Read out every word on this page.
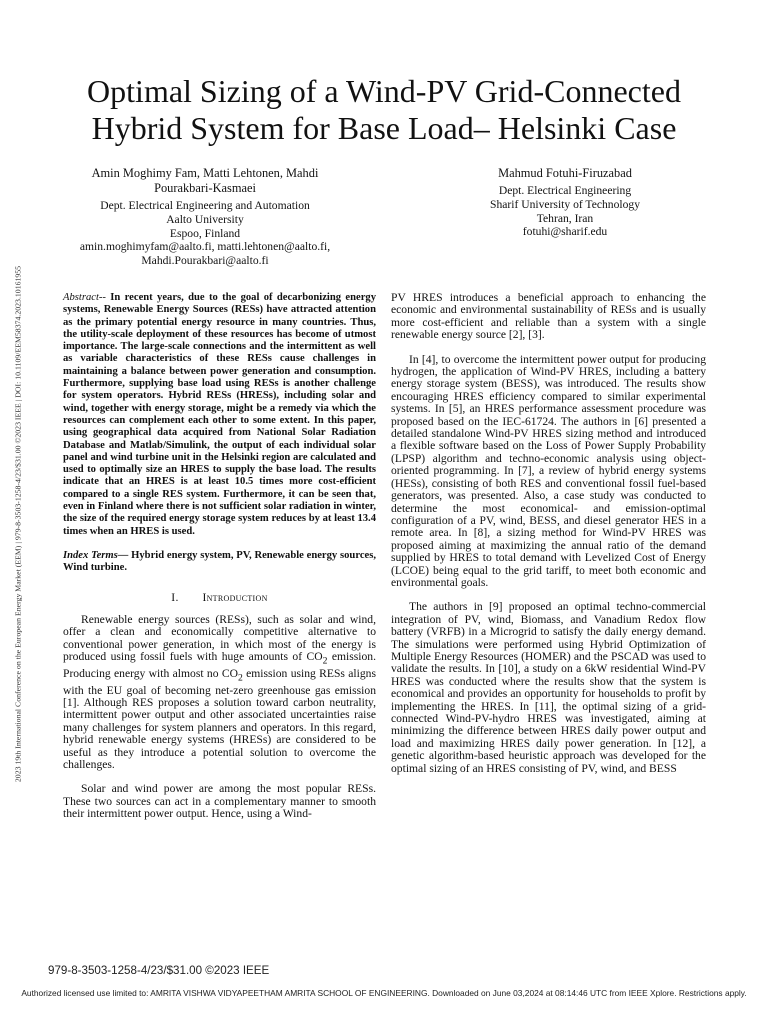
2023 19th International Conference on the European Energy Market (EEM) | 979-8-3503-1258-4/23/$31.00 ©2023 IEEE | DOI: 10.1109/EEM58374.2023.10161955
Optimal Sizing of a Wind-PV Grid-Connected
Hybrid System for Base Load– Helsinki Case
Amin Moghimy Fam, Matti Lehtonen, Mahdi
Pourakbari-Kasmaei
Dept. Electrical Engineering and Automation
Aalto University
Espoo, Finland
amin.moghimyfam@aalto.fi, matti.lehtonen@aalto.fi,
Mahdi.Pourakbari@aalto.fi
Mahmud Fotuhi-Firuzabad
Dept. Electrical Engineering
Sharif University of Technology
Tehran, Iran
fotuhi@sharif.edu

Abstract-- In recent years, due to the goal of decarbonizing energy systems, Renewable Energy Sources (RESs) have attracted attention as the primary potential energy resource in many countries. Thus, the utility-scale deployment of these resources has become of utmost importance. The large-scale connections and the intermittent as well as variable characteristics of these RESs cause challenges in maintaining a balance between power generation and consumption. Furthermore, supplying base load using RESs is another challenge for system operators. Hybrid RESs (HRESs), including solar and wind, together with energy storage, might be a remedy via which the resources can complement each other to some extent. In this paper, using geographical data acquired from National Solar Radiation Database and Matlab/Simulink, the output of each individual solar panel and wind turbine unit in the Helsinki region are calculated and used to optimally size an HRES to supply the base load. The results indicate that an HRES is at least 10.5 times more cost-efficient compared to a single RES system. Furthermore, it can be seen that, even in Finland where there is not sufficient solar radiation in winter, the size of the required energy storage system reduces by at least 13.4 times when an HRES is used.

Index Terms— Hybrid energy system, PV, Renewable energy sources, Wind turbine.

I.  Introduction

Renewable energy sources (RESs), such as solar and wind, offer a clean and economically competitive alternative to conventional power generation, in which most of the energy is produced using fossil fuels with huge amounts of $CO_2$ emission. Producing energy with almost no $CO_2$ emission using RESs aligns with the EU goal of becoming net-zero greenhouse gas emission [1]. Although RES proposes a solution toward carbon neutrality, intermittent power output and other associated uncertainties raise many challenges for system planners and operators. In this regard, hybrid renewable energy systems (HRESs) are considered to be useful as they introduce a potential solution to overcome the challenges.

Solar and wind power are among the most popular RESs. These two sources can act in a complementary manner to smooth their intermittent power output. Hence, using a Wind-

PV HRES introduces a beneficial approach to enhancing the economic and environmental sustainability of RESs and is usually more cost-efficient and reliable than a system with a single renewable energy source [2], [3].

In [4], to overcome the intermittent power output for producing hydrogen, the application of Wind-PV HRES, including a battery energy storage system (BESS), was introduced. The results show encouraging HRES efficiency compared to similar experimental systems. In [5], an HRES performance assessment procedure was proposed based on the IEC-61724. The authors in [6] presented a detailed standalone Wind-PV HRES sizing method and introduced a flexible software based on the Loss of Power Supply Probability (LPSP) algorithm and techno-economic analysis using object-oriented programming. In [7], a review of hybrid energy systems (HESs), consisting of both RES and conventional fossil fuel-based generators, was presented. Also, a case study was conducted to determine the most economical- and emission-optimal configuration of a PV, wind, BESS, and diesel generator HES in a remote area. In [8], a sizing method for Wind-PV HRES was proposed aiming at maximizing the annual ratio of the demand supplied by HRES to total demand with Levelized Cost of Energy (LCOE) being equal to the grid tariff, to meet both economic and environmental goals.

The authors in [9] proposed an optimal techno-commercial integration of PV, wind, Biomass, and Vanadium Redox flow battery (VRFB) in a Microgrid to satisfy the daily energy demand. The simulations were performed using Hybrid Optimization of Multiple Energy Resources (HOMER) and the PSCAD was used to validate the results. In [10], a study on a 6kW residential Wind-PV HRES was conducted where the results show that the system is economical and provides an opportunity for households to profit by implementing the HRES. In [11], the optimal sizing of a grid-connected Wind-PV-hydro HRES was investigated, aiming at minimizing the difference between HRES daily power output and load and maximizing HRES daily power generation. In [12], a genetic algorithm-based heuristic approach was developed for the optimal sizing of an HRES consisting of PV, wind, and BESS

979-8-3503-1258-4/23/$31.00 ©2023 IEEE
Authorized licensed use limited to: AMRITA VISHWA VIDYAPEETHAM AMRITA SCHOOL OF ENGINEERING. Downloaded on June 03,2024 at 08:14:46 UTC from IEEE Xplore. Restrictions apply.
